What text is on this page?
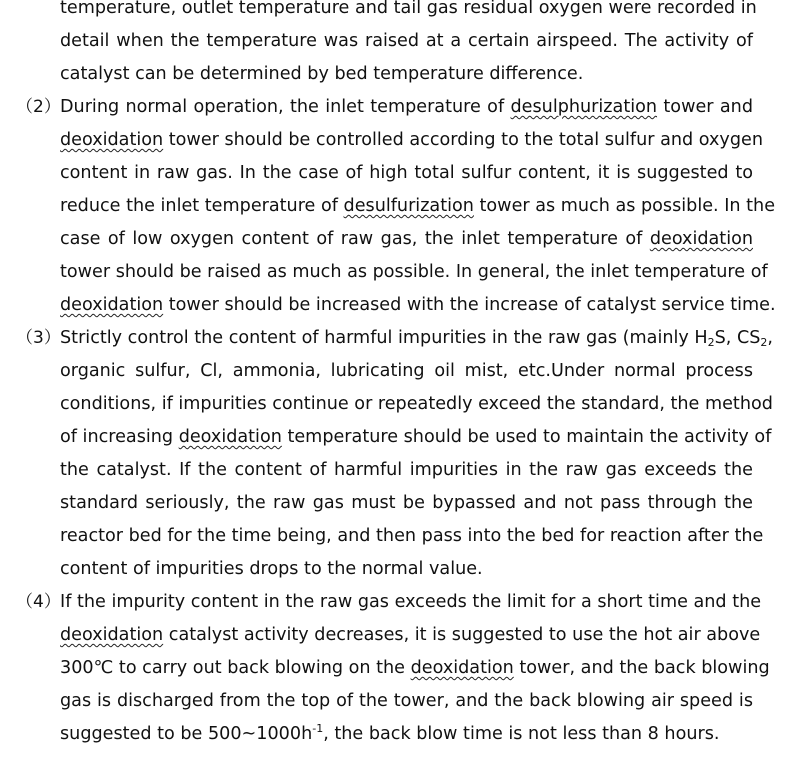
temperature, outlet temperature and tail gas residual oxygen were recorded in
detail when the temperature was raised at a certain airspeed. The activity of
catalyst can be determined by bed temperature difference.
（2） During normal operation, the inlet temperature of desulphurization tower and
deoxidation tower should be controlled according to the total sulfur and oxygen
content in raw gas. In the case of high total sulfur content, it is suggested to
reduce the inlet temperature of desulfurization tower as much as possible. In the
case of low oxygen content of raw gas, the inlet temperature of deoxidation
tower should be raised as much as possible. In general, the inlet temperature of
deoxidation tower should be increased with the increase of catalyst service time.
（3） Strictly control the content of harmful impurities in the raw gas (mainly $H_2S$, $CS_2$,
organic sulfur, Cl, ammonia, lubricating oil mist, etc.Under normal process
conditions, if impurities continue or repeatedly exceed the standard, the method
of increasing deoxidation temperature should be used to maintain the activity of
the catalyst. If the content of harmful impurities in the raw gas exceeds the
standard seriously, the raw gas must be bypassed and not pass through the
reactor bed for the time being, and then pass into the bed for reaction after the
content of impurities drops to the normal value.
（4） If the impurity content in the raw gas exceeds the limit for a short time and the
deoxidation catalyst activity decreases, it is suggested to use the hot air above
300℃ to carry out back blowing on the deoxidation tower, and the back blowing
gas is discharged from the top of the tower, and the back blowing air speed is
suggested to be $500\sim 1000h^{-1}$, the back blow time is not less than 8 hours.
